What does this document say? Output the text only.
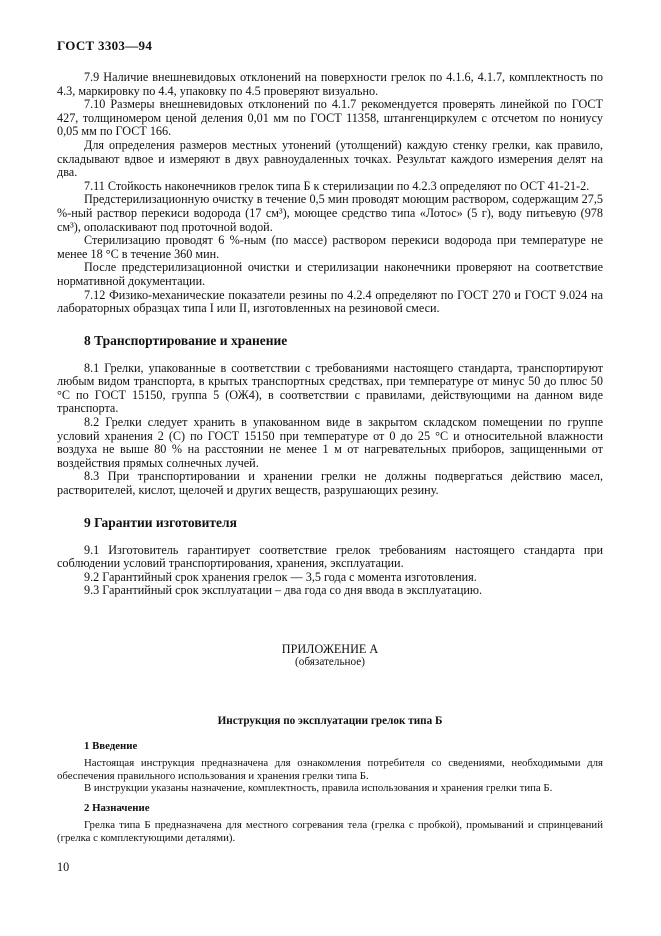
ГОСТ 3303—94
7.9 Наличие внешневидовых отклонений на поверхности грелок по 4.1.6, 4.1.7, комплектность по 4.3, маркировку по 4.4, упаковку по 4.5 проверяют визуально.
7.10 Размеры внешневидовых отклонений по 4.1.7 рекомендуется проверять линейкой по ГОСТ 427, толщиномером ценой деления 0,01 мм по ГОСТ 11358, штангенциркулем с отсчетом по нониусу 0,05 мм по ГОСТ 166.
Для определения размеров местных утонений (утолщений) каждую стенку грелки, как правило, складывают вдвое и измеряют в двух равноудаленных точках. Результат каждого измерения делят на два.
7.11 Стойкость наконечников грелок типа Б к стерилизации по 4.2.3 определяют по ОСТ 41-21-2.
Предстерилизационную очистку в течение 0,5 мин проводят моющим раствором, содержащим 27,5 %-ный раствор перекиси водорода (17 см³), моющее средство типа «Лотос» (5 г), воду питьевую (978 см³), ополаскивают под проточной водой.
Стерилизацию проводят 6 %-ным (по массе) раствором перекиси водорода при температуре не менее 18 °С в течение 360 мин.
После предстерилизационной очистки и стерилизации наконечники проверяют на соответствие нормативной документации.
7.12 Физико-механические показатели резины по 4.2.4 определяют по ГОСТ 270 и ГОСТ 9.024 на лабораторных образцах типа I или II, изготовленных на резиновой смеси.
8 Транспортирование и хранение
8.1 Грелки, упакованные в соответствии с требованиями настоящего стандарта, транспортируют любым видом транспорта, в крытых транспортных средствах, при температуре от минус 50 до плюс 50 °С по ГОСТ 15150, группа 5 (ОЖ4), в соответствии с правилами, действующими на данном виде транспорта.
8.2 Грелки следует хранить в упакованном виде в закрытом складском помещении по группе условий хранения 2 (С) по ГОСТ 15150 при температуре от 0 до 25 °С и относительной влажности воздуха не выше 80 % на расстоянии не менее 1 м от нагревательных приборов, защищенными от воздействия прямых солнечных лучей.
8.3 При транспортировании и хранении грелки не должны подвергаться действию масел, растворителей, кислот, щелочей и других веществ, разрушающих резину.
9 Гарантии изготовителя
9.1 Изготовитель гарантирует соответствие грелок требованиям настоящего стандарта при соблюдении условий транспортирования, хранения, эксплуатации.
9.2 Гарантийный срок хранения грелок — 3,5 года с момента изготовления.
9.3 Гарантийный срок эксплуатации – два года со дня ввода в эксплуатацию.
ПРИЛОЖЕНИЕ А
(обязательное)
Инструкция по эксплуатации грелок типа Б
1 Введение
Настоящая инструкция предназначена для ознакомления потребителя со сведениями, необходимыми для обеспечения правильного использования и хранения грелки типа Б.
В инструкции указаны назначение, комплектность, правила использования и хранения грелки типа Б.
2 Назначение
Грелка типа Б предназначена для местного согревания тела (грелка с пробкой), промываний и спринцеваний (грелка с комплектующими деталями).
10
